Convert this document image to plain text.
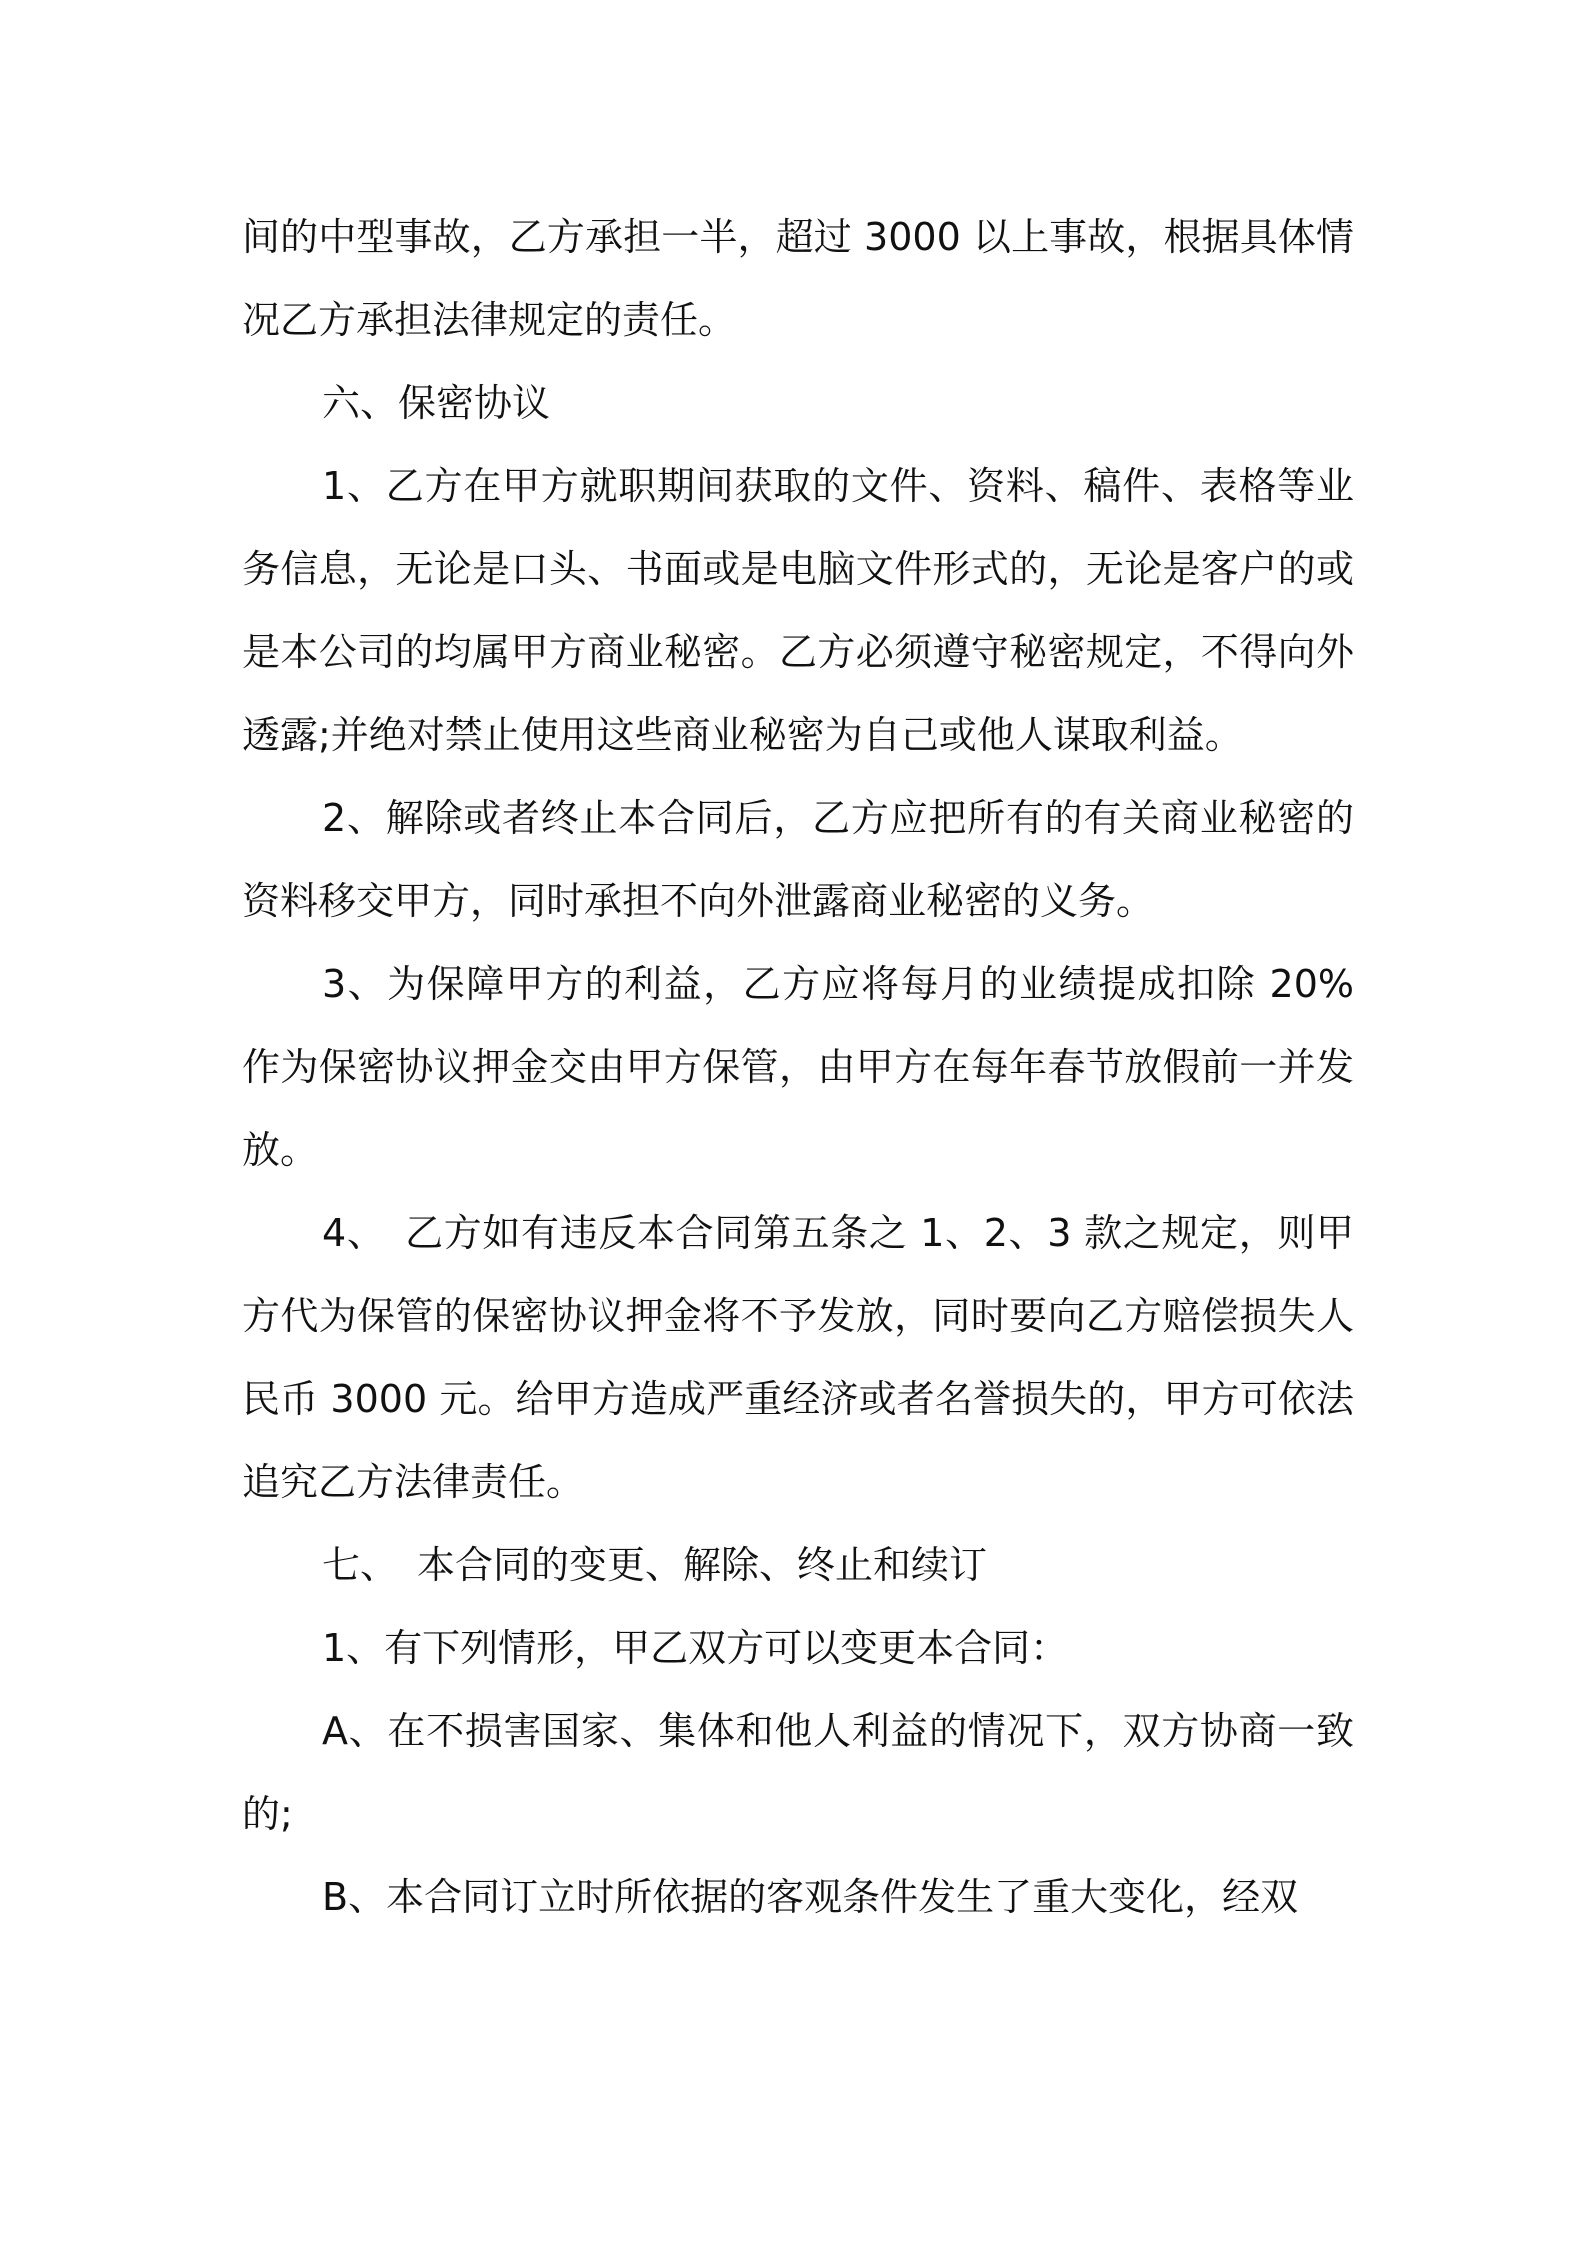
间的中型事故，乙方承担一半，超过 3000 以上事故，根据具体情况乙方承担法律规定的责任。

六、保密协议

1、乙方在甲方就职期间获取的文件、资料、稿件、表格等业务信息，无论是口头、书面或是电脑文件形式的，无论是客户的或是本公司的均属甲方商业秘密。乙方必须遵守秘密规定，不得向外透露;并绝对禁止使用这些商业秘密为自己或他人谋取利益。

2、解除或者终止本合同后，乙方应把所有的有关商业秘密的资料移交甲方，同时承担不向外泄露商业秘密的义务。

3、为保障甲方的利益，乙方应将每月的业绩提成扣除 20%作为保密协议押金交由甲方保管，由甲方在每年春节放假前一并发放。

4、　乙方如有违反本合同第五条之 1、2、3 款之规定，则甲方代为保管的保密协议押金将不予发放，同时要向乙方赔偿损失人民币 3000 元。给甲方造成严重经济或者名誉损失的，甲方可依法追究乙方法律责任。

七、　本合同的变更、解除、终止和续订

1、有下列情形，甲乙双方可以变更本合同：

A、在不损害国家、集体和他人利益的情况下，双方协商一致的;

B、本合同订立时所依据的客观条件发生了重大变化，经双
